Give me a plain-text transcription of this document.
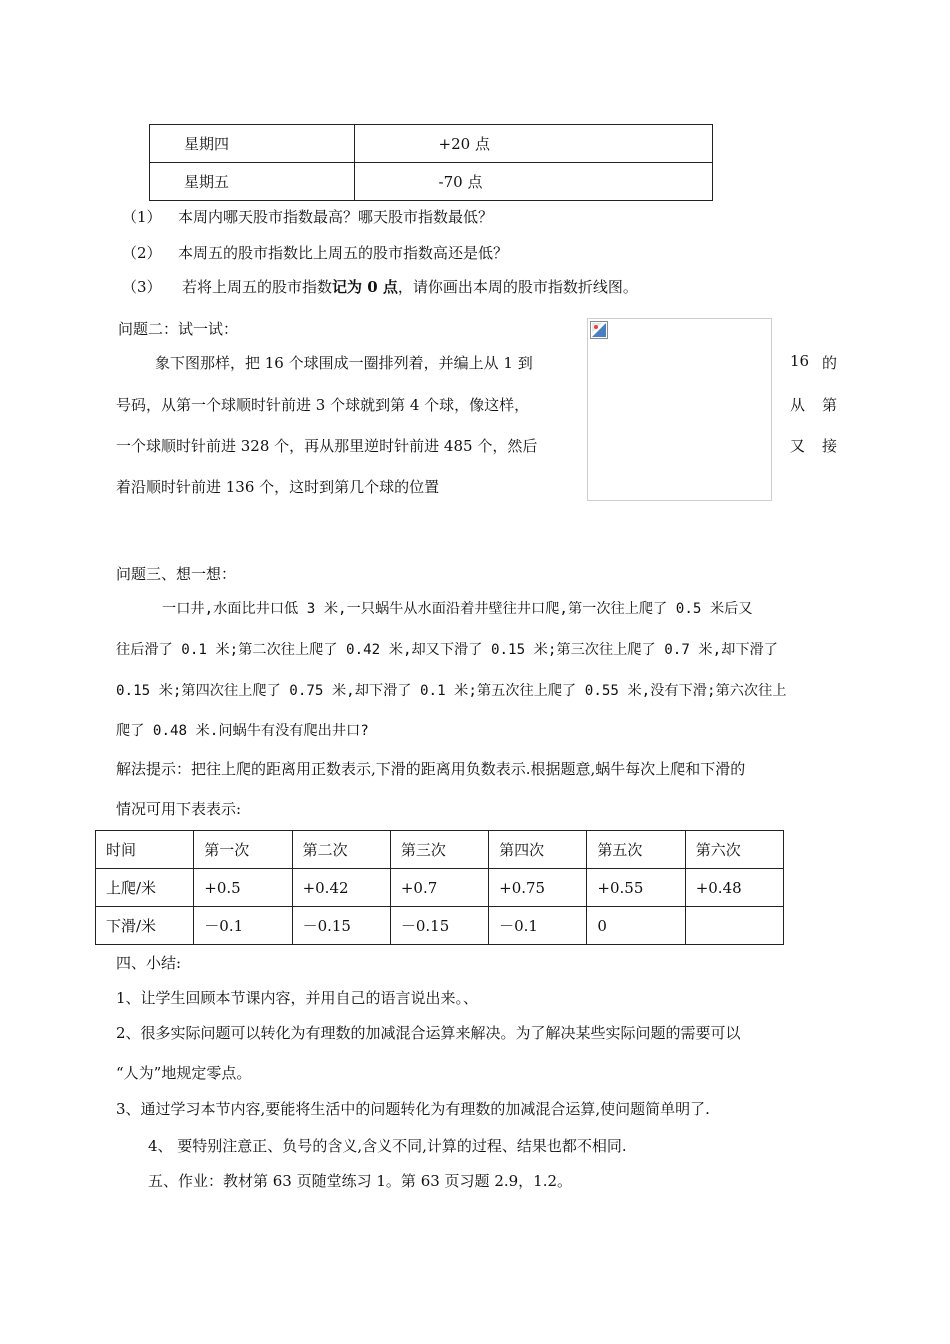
星期四	+20 点
星期五	-70 点
（1） 本周内哪天股市指数最高？哪天股市指数最低？
（2） 本周五的股市指数比上周五的股市指数高还是低？
（3） 若将上周五的股市指数记为 0 点，请你画出本周的股市指数折线图。
问题二：试一试：
象下图那样，把 16 个球围成一圈排列着，并编上从 1 到	16 的
号码，从第一个球顺时针前进 3 个球就到第 4 个球，像这样，	从 第
一个球顺时针前进 328 个，再从那里逆时针前进 485 个，然后	又 接
着沿顺时针前进 136 个，这时到第几个球的位置
问题三、想一想：
一口井,水面比井口低 3 米,一只蜗牛从水面沿着井壁往井口爬,第一次往上爬了 0.5 米后又
往后滑了 0.1 米;第二次往上爬了 0.42 米,却又下滑了 0.15 米;第三次往上爬了 0.7 米,却下滑了
0.15 米;第四次往上爬了 0.75 米,却下滑了 0.1 米;第五次往上爬了 0.55 米,没有下滑;第六次往上
爬了 0.48 米.问蜗牛有没有爬出井口?
解法提示：把往上爬的距离用正数表示,下滑的距离用负数表示.根据题意,蜗牛每次上爬和下滑的
情况可用下表表示:
时间	第一次	第二次	第三次	第四次	第五次	第六次
上爬/米	+0.5	+0.42	+0.7	+0.75	+0.55	+0.48
下滑/米	－0.1	－0.15	－0.15	－0.1	0	
四、小结:
1、让学生回顾本节课内容，并用自己的语言说出来。、
2、很多实际问题可以转化为有理数的加减混合运算来解决。为了解决某些实际问题的需要可以
“人为”地规定零点。
3、通过学习本节内容,要能将生活中的问题转化为有理数的加减混合运算,使问题简单明了.
4、 要特别注意正、负号的含义,含义不同,计算的过程、结果也都不相同.
五、作业：教材第 63 页随堂练习 1。第 63 页习题 2.9，1.2。
